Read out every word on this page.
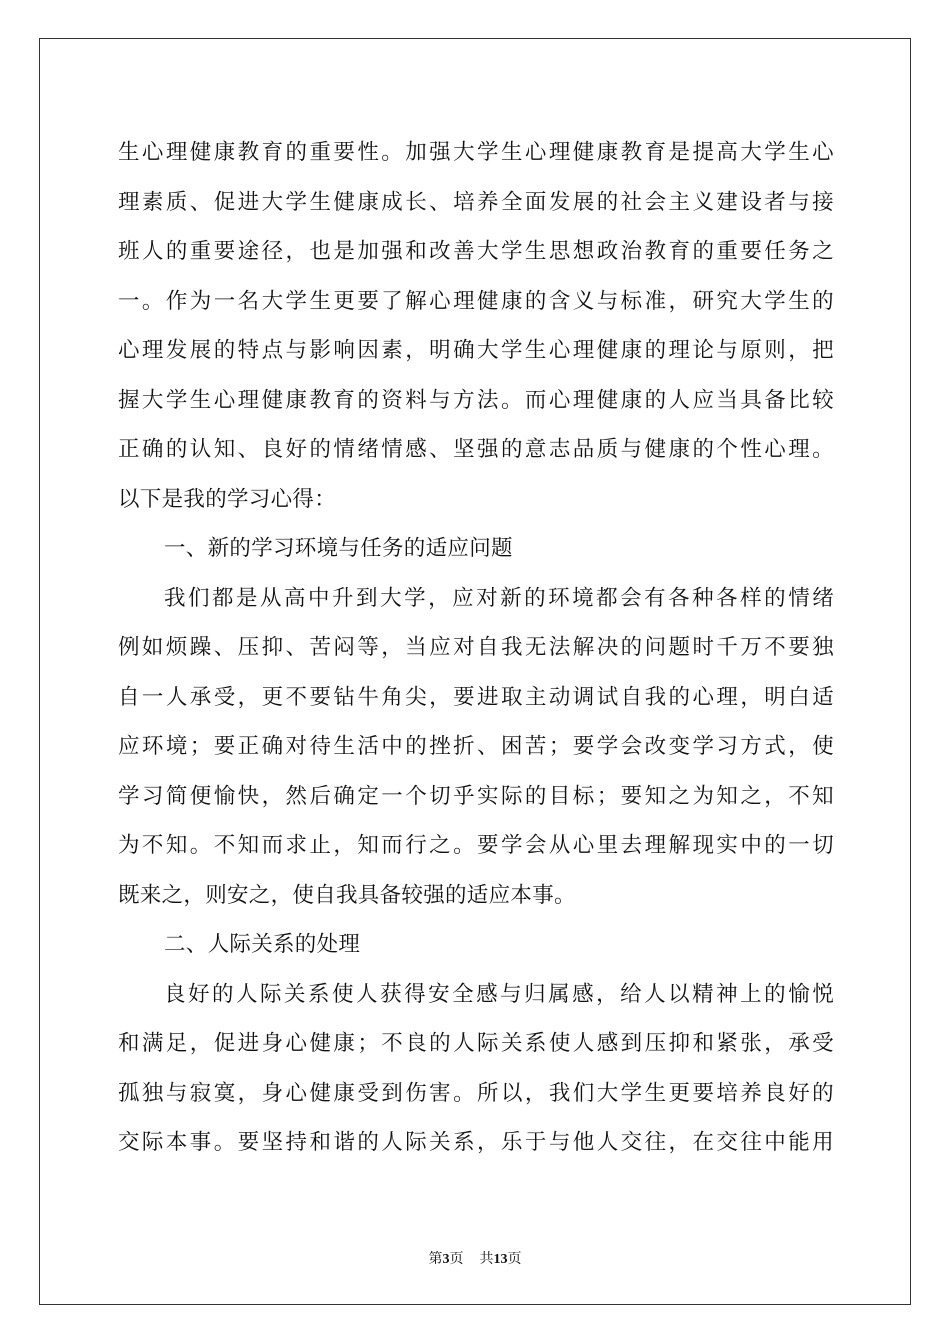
生心理健康教育的重要性。加强大学生心理健康教育是提高大学生心
理素质、促进大学生健康成长、培养全面发展的社会主义建设者与接
班人的重要途径，也是加强和改善大学生思想政治教育的重要任务之
一。作为一名大学生更要了解心理健康的含义与标准，研究大学生的
心理发展的特点与影响因素，明确大学生心理健康的理论与原则，把
握大学生心理健康教育的资料与方法。而心理健康的人应当具备比较
正确的认知、良好的情绪情感、坚强的意志品质与健康的个性心理。
以下是我的学习心得：
一、新的学习环境与任务的适应问题
我们都是从高中升到大学，应对新的环境都会有各种各样的情绪
例如烦躁、压抑、苦闷等，当应对自我无法解决的问题时千万不要独
自一人承受，更不要钻牛角尖，要进取主动调试自我的心理，明白适
应环境；要正确对待生活中的挫折、困苦；要学会改变学习方式，使
学习简便愉快，然后确定一个切乎实际的目标；要知之为知之，不知
为不知。不知而求止，知而行之。要学会从心里去理解现实中的一切
既来之，则安之，使自我具备较强的适应本事。
二、人际关系的处理
良好的人际关系使人获得安全感与归属感，给人以精神上的愉悦
和满足，促进身心健康；不良的人际关系使人感到压抑和紧张，承受
孤独与寂寞，身心健康受到伤害。所以，我们大学生更要培养良好的
交际本事。要坚持和谐的人际关系，乐于与他人交往，在交往中能用
第3页 共13页
